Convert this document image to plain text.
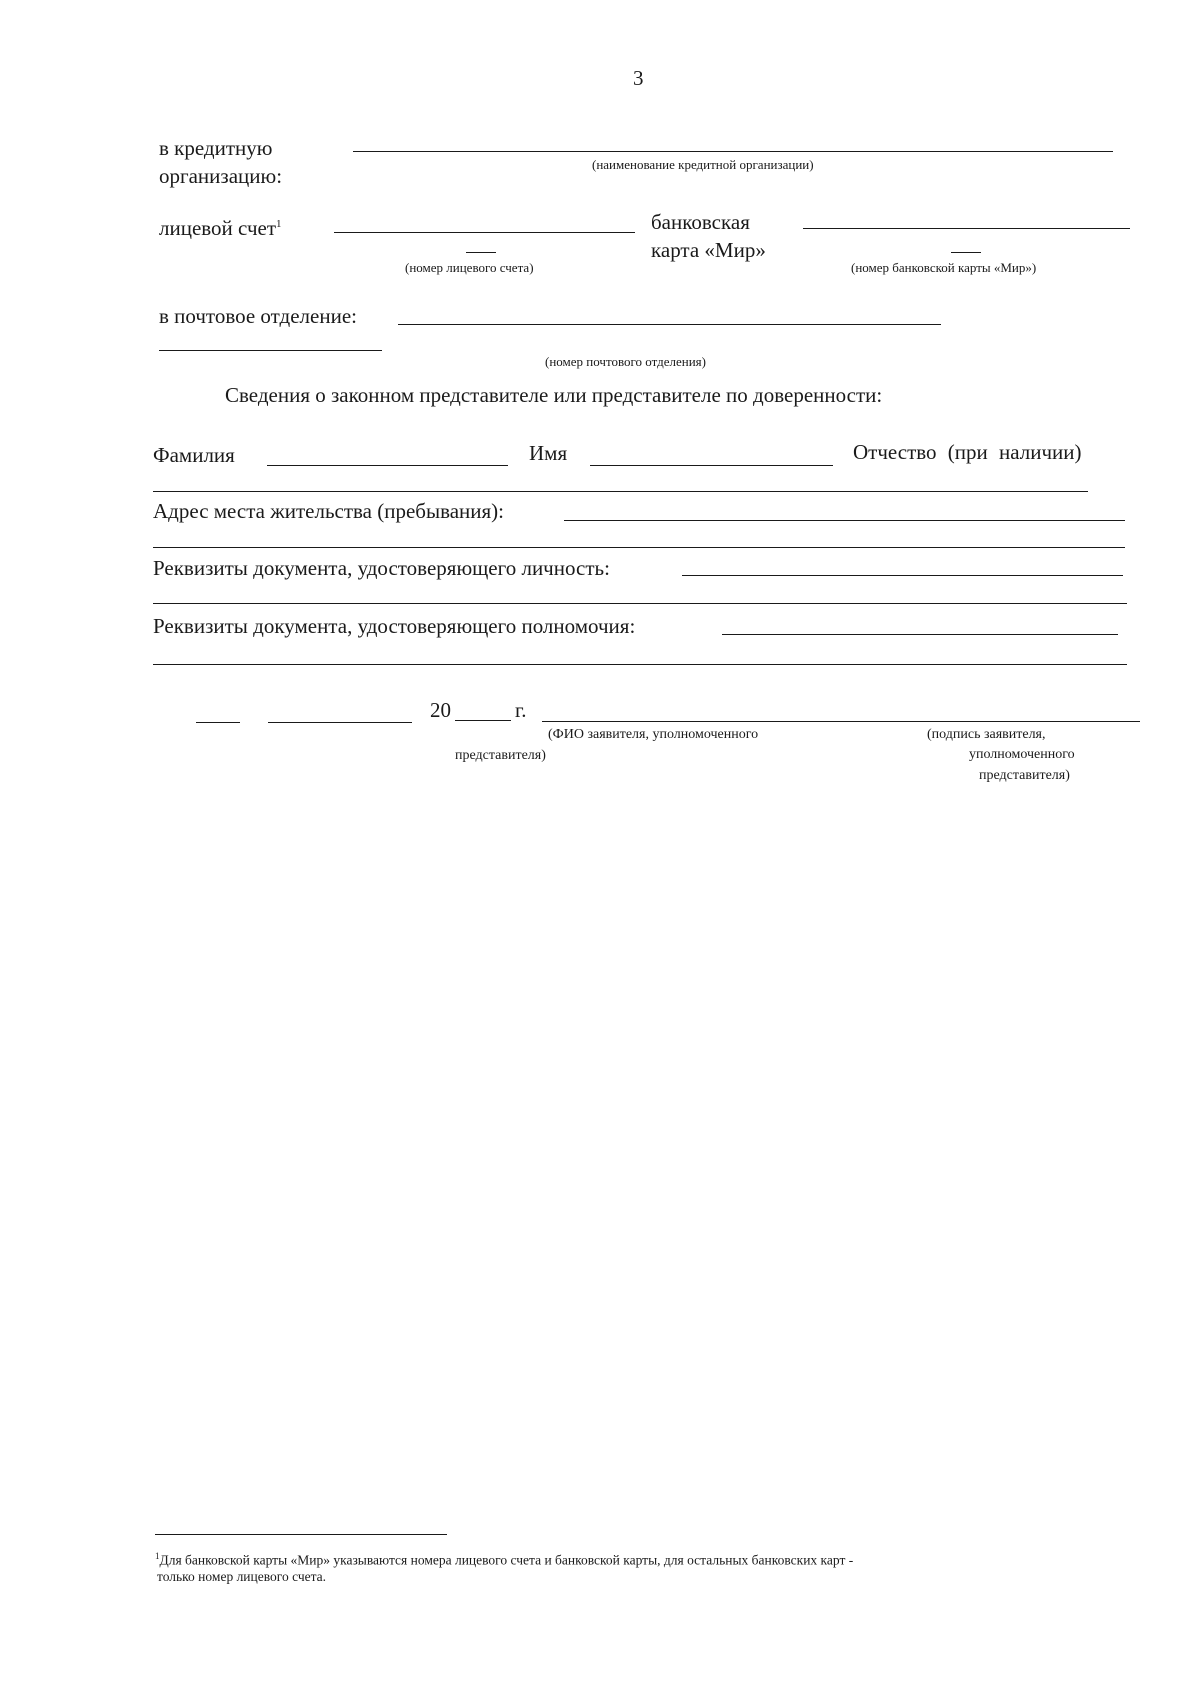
3
в кредитную
организацию:	(наименование кредитной организации)
лицевой счет$^1$
(номер лицевого счета)
банковская
карта «Мир»
(номер банковской карты «Мир»)
в почтовое отделение:
(номер почтового отделения)
Сведения о законном представителе или представителе по доверенности:
Фамилия	Имя	Отчество (при наличии)
Адрес места жительства (пребывания):
Реквизиты документа, удостоверяющего личность:
Реквизиты документа, удостоверяющего полномочия:
20	г.
(ФИО заявителя, уполномоченного
представителя)
(подпись заявителя,
уполномоченного
представителя)
$^1$Для банковской карты «Мир» указываются номера лицевого счета и банковской карты, для остальных банковских карт -
только номер лицевого счета.
